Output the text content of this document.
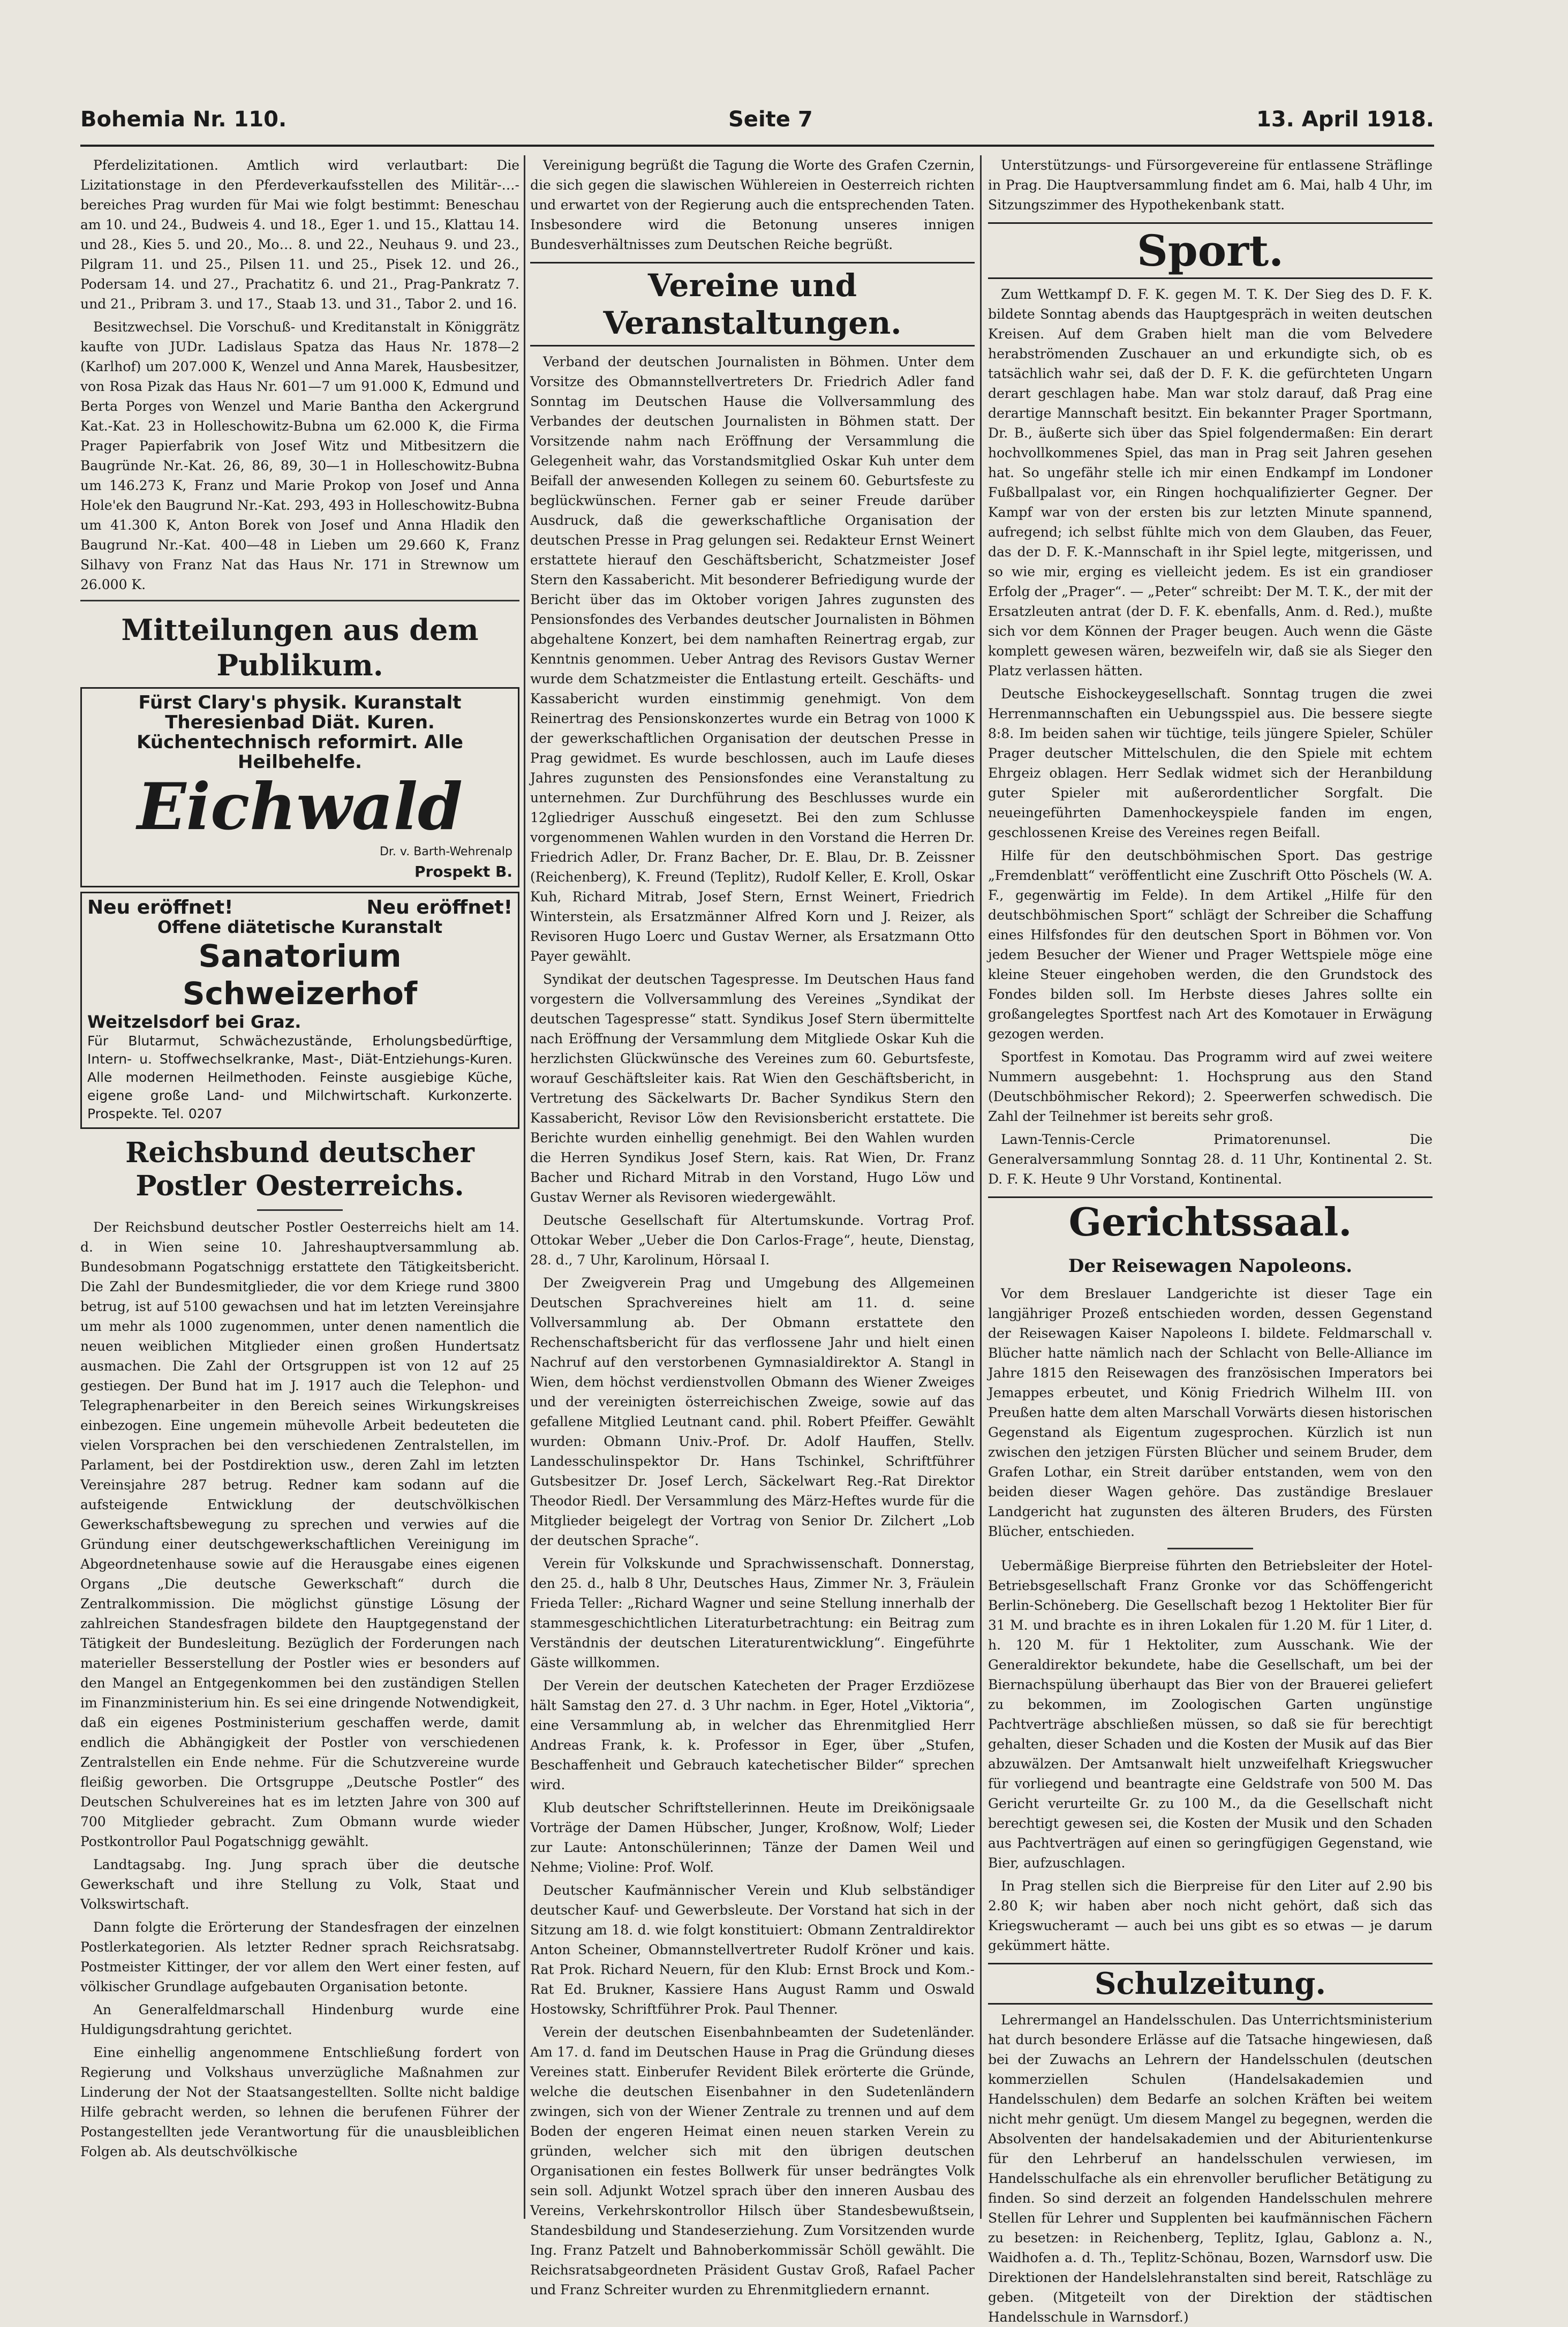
Bohemia Nr. 110.	Seite 7	13. April 1918.

Pferdelizitationen. Amtlich wird verlautbart: Die Lizitationstage in den Pferdeverkaufsstellen des Militär-…-bereiches Prag wurden für Mai wie folgt bestimmt: Beneschau am 10. und 24., Budweis 4. und 18., Eger 1. und 15., Klattau 14. und 28., Kies 5. und 20., Mo… 8. und 22., Neuhaus 9. und 23., Pilgram 11. und 25., Pilsen 11. und 25., Pisek 12. und 26., Podersam 14. und 27., Prachatitz 6. und 21., Prag-Pankratz 7. und 21., Pribram 3. und 17., Staab 13. und 31., Tabor 2. und 16.

Besitzwechsel. Die Vorschuß- und Kreditanstalt in Königgrätz kaufte von JUDr. Ladislaus Spatza das Haus Nr. 1878—2 (Karlhof) um 207.000 K, Wenzel und Anna Marek, Hausbesitzer, von Rosa Pizak das Haus Nr. 601—7 um 91.000 K, Edmund und Berta Porges von Wenzel und Marie Bantha den Ackergrund Kat.-Kat. 23 in Holleschowitz-Bubna um 62.000 K, die Firma Prager Papierfabrik von Josef Witz und Mitbesitzern die Baugründe Nr.-Kat. 26, 86, 89, 30—1 in Holleschowitz-Bubna um 146.273 K, Franz und Marie Prokop von Josef und Anna Hole'ek den Baugrund Nr.-Kat. 293, 493 in Holleschowitz-Bubna um 41.300 K, Anton Borek von Josef und Anna Hladik den Baugrund Nr.-Kat. 400—48 in Lieben um 29.660 K, Franz Silhavy von Franz Nat das Haus Nr. 171 in Strewnow um 26.000 K.

Mitteilungen aus dem Publikum.
Fürst Clary's physik. Kuranstalt Theresienbad Diät. Kuren. Küchentechnisch reformirt. Alle Heilbehelfe.
Eichwald
Dr. v. Barth-Wehrenalp
Prospekt B.
Neu eröffnet!	Neu eröffnet!
Offene diätetische Kuranstalt
Sanatorium Schweizerhof
Weitzelsdorf bei Graz.
Für Blutarmut, Schwächezustände, Erholungsbedürftige, Intern- u. Stoffwechselkranke, Mast-, Diät-Entziehungs-Kuren. Alle modernen Heilmethoden. Feinste ausgiebige Küche, eigene große Land- und Milchwirtschaft. Kurkonzerte. Prospekte. Tel. 0207
Reichsbund deutscher Postler Oesterreichs.

Der Reichsbund deutscher Postler Oesterreichs hielt am 14. d. in Wien seine 10. Jahreshauptversammlung ab. Bundesobmann Pogatschnigg erstattete den Tätigkeitsbericht. Die Zahl der Bundesmitglieder, die vor dem Kriege rund 3800 betrug, ist auf 5100 gewachsen und hat im letzten Vereinsjahre um mehr als 1000 zugenommen, unter denen namentlich die neuen weiblichen Mitglieder einen großen Hundertsatz ausmachen. Die Zahl der Ortsgruppen ist von 12 auf 25 gestiegen. Der Bund hat im J. 1917 auch die Telephon- und Telegraphenarbeiter in den Bereich seines Wirkungskreises einbezogen. Eine ungemein mühevolle Arbeit bedeuteten die vielen Vorsprachen bei den verschiedenen Zentralstellen, im Parlament, bei der Postdirektion usw., deren Zahl im letzten Vereinsjahre 287 betrug. Redner kam sodann auf die aufsteigende Entwicklung der deutschvölkischen Gewerkschaftsbewegung zu sprechen und verwies auf die Gründung einer deutschgewerkschaftlichen Vereinigung im Abgeordnetenhause sowie auf die Herausgabe eines eigenen Organs „Die deutsche Gewerkschaft“ durch die Zentralkommission. Die möglichst günstige Lösung der zahlreichen Standesfragen bildete den Hauptgegenstand der Tätigkeit der Bundesleitung. Bezüglich der Forderungen nach materieller Besserstellung der Postler wies er besonders auf den Mangel an Entgegenkommen bei den zuständigen Stellen im Finanzministerium hin. Es sei eine dringende Notwendigkeit, daß ein eigenes Postministerium geschaffen werde, damit endlich die Abhängigkeit der Postler von verschiedenen Zentralstellen ein Ende nehme. Für die Schutzvereine wurde fleißig geworben. Die Ortsgruppe „Deutsche Postler“ des Deutschen Schulvereines hat es im letzten Jahre von 300 auf 700 Mitglieder gebracht. Zum Obmann wurde wieder Postkontrollor Paul Pogatschnigg gewählt.

Landtagsabg. Ing. Jung sprach über die deutsche Gewerkschaft und ihre Stellung zu Volk, Staat und Volkswirtschaft.

Dann folgte die Erörterung der Standesfragen der einzelnen Postlerkategorien. Als letzter Redner sprach Reichsratsabg. Postmeister Kittinger, der vor allem den Wert einer festen, auf völkischer Grundlage aufgebauten Organisation betonte.

An Generalfeldmarschall Hindenburg wurde eine Huldigungsdrahtung gerichtet.

Eine einhellig angenommene Entschließung fordert von Regierung und Volkshaus unverzügliche Maßnahmen zur Linderung der Not der Staatsangestellten. Sollte nicht baldige Hilfe gebracht werden, so lehnen die berufenen Führer der Postangestellten jede Verantwortung für die unausbleiblichen Folgen ab. Als deutschvölkische

Vereinigung begrüßt die Tagung die Worte des Grafen Czernin, die sich gegen die slawischen Wühlereien in Oesterreich richten und erwartet von der Regierung auch die entsprechenden Taten. Insbesondere wird die Betonung unseres innigen Bundesverhältnisses zum Deutschen Reiche begrüßt.

Vereine und Veranstaltungen.

Verband der deutschen Journalisten in Böhmen. Unter dem Vorsitze des Obmannstellvertreters Dr. Friedrich Adler fand Sonntag im Deutschen Hause die Vollversammlung des Verbandes der deutschen Journalisten in Böhmen statt. Der Vorsitzende nahm nach Eröffnung der Versammlung die Gelegenheit wahr, das Vorstandsmitglied Oskar Kuh unter dem Beifall der anwesenden Kollegen zu seinem 60. Geburtsfeste zu beglückwünschen. Ferner gab er seiner Freude darüber Ausdruck, daß die gewerkschaftliche Organisation der deutschen Presse in Prag gelungen sei. Redakteur Ernst Weinert erstattete hierauf den Geschäftsbericht, Schatzmeister Josef Stern den Kassabericht. Mit besonderer Befriedigung wurde der Bericht über das im Oktober vorigen Jahres zugunsten des Pensionsfondes des Verbandes deutscher Journalisten in Böhmen abgehaltene Konzert, bei dem namhaften Reinertrag ergab, zur Kenntnis genommen. Ueber Antrag des Revisors Gustav Werner wurde dem Schatzmeister die Entlastung erteilt. Geschäfts- und Kassabericht wurden einstimmig genehmigt. Von dem Reinertrag des Pensionskonzertes wurde ein Betrag von 1000 K der gewerkschaftlichen Organisation der deutschen Presse in Prag gewidmet. Es wurde beschlossen, auch im Laufe dieses Jahres zugunsten des Pensionsfondes eine Veranstaltung zu unternehmen. Zur Durchführung des Beschlusses wurde ein 12gliedriger Ausschuß eingesetzt. Bei den zum Schlusse vorgenommenen Wahlen wurden in den Vorstand die Herren Dr. Friedrich Adler, Dr. Franz Bacher, Dr. E. Blau, Dr. B. Zeissner (Reichenberg), K. Freund (Teplitz), Rudolf Keller, E. Kroll, Oskar Kuh, Richard Mitrab, Josef Stern, Ernst Weinert, Friedrich Winterstein, als Ersatzmänner Alfred Korn und J. Reizer, als Revisoren Hugo Loerc und Gustav Werner, als Ersatzmann Otto Payer gewählt.

Syndikat der deutschen Tagespresse. Im Deutschen Haus fand vorgestern die Vollversammlung des Vereines „Syndikat der deutschen Tagespresse“ statt. Syndikus Josef Stern übermittelte nach Eröffnung der Versammlung dem Mitgliede Oskar Kuh die herzlichsten Glückwünsche des Vereines zum 60. Geburtsfeste, worauf Geschäftsleiter kais. Rat Wien den Geschäftsbericht, in Vertretung des Säckelwarts Dr. Bacher Syndikus Stern den Kassabericht, Revisor Löw den Revisionsbericht erstattete. Die Berichte wurden einhellig genehmigt. Bei den Wahlen wurden die Herren Syndikus Josef Stern, kais. Rat Wien, Dr. Franz Bacher und Richard Mitrab in den Vorstand, Hugo Löw und Gustav Werner als Revisoren wiedergewählt.

Deutsche Gesellschaft für Altertumskunde. Vortrag Prof. Ottokar Weber „Ueber die Don Carlos-Frage“, heute, Dienstag, 28. d., 7 Uhr, Karolinum, Hörsaal I.

Der Zweigverein Prag und Umgebung des Allgemeinen Deutschen Sprachvereines hielt am 11. d. seine Vollversammlung ab. Der Obmann erstattete den Rechenschaftsbericht für das verflossene Jahr und hielt einen Nachruf auf den verstorbenen Gymnasialdirektor A. Stangl in Wien, dem höchst verdienstvollen Obmann des Wiener Zweiges und der vereinigten österreichischen Zweige, sowie auf das gefallene Mitglied Leutnant cand. phil. Robert Pfeiffer. Gewählt wurden: Obmann Univ.-Prof. Dr. Adolf Hauffen, Stellv. Landesschulinspektor Dr. Hans Tschinkel, Schriftführer Gutsbesitzer Dr. Josef Lerch, Säckelwart Reg.-Rat Direktor Theodor Riedl. Der Versammlung des März-Heftes wurde für die Mitglieder beigelegt der Vortrag von Senior Dr. Zilchert „Lob der deutschen Sprache“.

Verein für Volkskunde und Sprachwissenschaft. Donnerstag, den 25. d., halb 8 Uhr, Deutsches Haus, Zimmer Nr. 3, Fräulein Frieda Teller: „Richard Wagner und seine Stellung innerhalb der stammesgeschichtlichen Literaturbetrachtung: ein Beitrag zum Verständnis der deutschen Literaturentwicklung“. Eingeführte Gäste willkommen.

Der Verein der deutschen Katecheten der Prager Erzdiözese hält Samstag den 27. d. 3 Uhr nachm. in Eger, Hotel „Viktoria“, eine Versammlung ab, in welcher das Ehrenmitglied Herr Andreas Frank, k. k. Professor in Eger, über „Stufen, Beschaffenheit und Gebrauch katechetischer Bilder“ sprechen wird.

Klub deutscher Schriftstellerinnen. Heute im Dreikönigsaale Vorträge der Damen Hübscher, Junger, Kroßnow, Wolf; Lieder zur Laute: Antonschülerinnen; Tänze der Damen Weil und Nehme; Violine: Prof. Wolf.

Deutscher Kaufmännischer Verein und Klub selbständiger deutscher Kauf- und Gewerbsleute. Der Vorstand hat sich in der Sitzung am 18. d. wie folgt konstituiert: Obmann Zentraldirektor Anton Scheiner, Obmannstellvertreter Rudolf Kröner und kais. Rat Prok. Richard Neuern, für den Klub: Ernst Brock und Kom.-Rat Ed. Brukner, Kassiere Hans August Ramm und Oswald Hostowsky, Schriftführer Prok. Paul Thenner.

Verein der deutschen Eisenbahnbeamten der Sudetenländer. Am 17. d. fand im Deutschen Hause in Prag die Gründung dieses Vereines statt. Einberufer Revident Bilek erörterte die Gründe, welche die deutschen Eisenbahner in den Sudetenländern zwingen, sich von der Wiener Zentrale zu trennen und auf dem Boden der engeren Heimat einen neuen starken Verein zu gründen, welcher sich mit den übrigen deutschen Organisationen ein festes Bollwerk für unser bedrängtes Volk sein soll. Adjunkt Wotzel sprach über den inneren Ausbau des Vereins, Verkehrskontrollor Hilsch über Standesbewußtsein, Standesbildung und Standeserziehung. Zum Vorsitzenden wurde Ing. Franz Patzelt und Bahnoberkommissär Schöll gewählt. Die Reichsratsabgeordneten Präsident Gustav Groß, Rafael Pacher und Franz Schreiter wurden zu Ehrenmitgliedern ernannt.

Unterstützungs- und Fürsorgevereine für entlassene Sträflinge in Prag. Die Hauptversammlung findet am 6. Mai, halb 4 Uhr, im Sitzungszimmer des Hypothekenbank statt.

Sport.

Zum Wettkampf D. F. K. gegen M. T. K. Der Sieg des D. F. K. bildete Sonntag abends das Hauptgespräch in weiten deutschen Kreisen. Auf dem Graben hielt man die vom Belvedere herabströmenden Zuschauer an und erkundigte sich, ob es tatsächlich wahr sei, daß der D. F. K. die gefürchteten Ungarn derart geschlagen habe. Man war stolz darauf, daß Prag eine derartige Mannschaft besitzt. Ein bekannter Prager Sportmann, Dr. B., äußerte sich über das Spiel folgendermaßen: Ein derart hochvollkommenes Spiel, das man in Prag seit Jahren gesehen hat. So ungefähr stelle ich mir einen Endkampf im Londoner Fußballpalast vor, ein Ringen hochqualifizierter Gegner. Der Kampf war von der ersten bis zur letzten Minute spannend, aufregend; ich selbst fühlte mich von dem Glauben, das Feuer, das der D. F. K.-Mannschaft in ihr Spiel legte, mitgerissen, und so wie mir, erging es vielleicht jedem. Es ist ein grandioser Erfolg der „Prager“. — „Peter“ schreibt: Der M. T. K., der mit der Ersatzleuten antrat (der D. F. K. ebenfalls, Anm. d. Red.), mußte sich vor dem Können der Prager beugen. Auch wenn die Gäste komplett gewesen wären, bezweifeln wir, daß sie als Sieger den Platz verlassen hätten.

Deutsche Eishockeygesellschaft. Sonntag trugen die zwei Herrenmannschaften ein Uebungsspiel aus. Die bessere siegte 8:8. Im beiden sahen wir tüchtige, teils jüngere Spieler, Schüler Prager deutscher Mittelschulen, die den Spiele mit echtem Ehrgeiz oblagen. Herr Sedlak widmet sich der Heranbildung guter Spieler mit außerordentlicher Sorgfalt. Die neueingeführten Damenhockeyspiele fanden im engen, geschlossenen Kreise des Vereines regen Beifall.

Hilfe für den deutschböhmischen Sport. Das gestrige „Fremdenblatt“ veröffentlicht eine Zuschrift Otto Pöschels (W. A. F., gegenwärtig im Felde). In dem Artikel „Hilfe für den deutschböhmischen Sport“ schlägt der Schreiber die Schaffung eines Hilfsfondes für den deutschen Sport in Böhmen vor. Von jedem Besucher der Wiener und Prager Wettspiele möge eine kleine Steuer eingehoben werden, die den Grundstock des Fondes bilden soll. Im Herbste dieses Jahres sollte ein großangelegtes Sportfest nach Art des Komotauer in Erwägung gezogen werden.

Sportfest in Komotau. Das Programm wird auf zwei weitere Nummern ausgebehnt: 1. Hochsprung aus den Stand (Deutschböhmischer Rekord); 2. Speerwerfen schwedisch. Die Zahl der Teilnehmer ist bereits sehr groß.

Lawn-Tennis-Cercle Primatorenunsel. Die Generalversammlung Sonntag 28. d. 11 Uhr, Kontinental 2. St. D. F. K. Heute 9 Uhr Vorstand, Kontinental.

Gerichtssaal.
Der Reisewagen Napoleons.

Vor dem Breslauer Landgerichte ist dieser Tage ein langjähriger Prozeß entschieden worden, dessen Gegenstand der Reisewagen Kaiser Napoleons I. bildete. Feldmarschall v. Blücher hatte nämlich nach der Schlacht von Belle-Alliance im Jahre 1815 den Reisewagen des französischen Imperators bei Jemappes erbeutet, und König Friedrich Wilhelm III. von Preußen hatte dem alten Marschall Vorwärts diesen historischen Gegenstand als Eigentum zugesprochen. Kürzlich ist nun zwischen den jetzigen Fürsten Blücher und seinem Bruder, dem Grafen Lothar, ein Streit darüber entstanden, wem von den beiden dieser Wagen gehöre. Das zuständige Breslauer Landgericht hat zugunsten des älteren Bruders, des Fürsten Blücher, entschieden.

Uebermäßige Bierpreise führten den Betriebsleiter der Hotel-Betriebsgesellschaft Franz Gronke vor das Schöffengericht Berlin-Schöneberg. Die Gesellschaft bezog 1 Hektoliter Bier für 31 M. und brachte es in ihren Lokalen für 1.20 M. für 1 Liter, d. h. 120 M. für 1 Hektoliter, zum Ausschank. Wie der Generaldirektor bekundete, habe die Gesellschaft, um bei der Biernachspülung überhaupt das Bier von der Brauerei geliefert zu bekommen, im Zoologischen Garten ungünstige Pachtverträge abschließen müssen, so daß sie für berechtigt gehalten, dieser Schaden und die Kosten der Musik auf das Bier abzuwälzen. Der Amtsanwalt hielt unzweifelhaft Kriegswucher für vorliegend und beantragte eine Geldstrafe von 500 M. Das Gericht verurteilte Gr. zu 100 M., da die Gesellschaft nicht berechtigt gewesen sei, die Kosten der Musik und den Schaden aus Pachtverträgen auf einen so geringfügigen Gegenstand, wie Bier, aufzuschlagen.

In Prag stellen sich die Bierpreise für den Liter auf 2.90 bis 2.80 K; wir haben aber noch nicht gehört, daß sich das Kriegswucheramt — auch bei uns gibt es so etwas — je darum gekümmert hätte.

Schulzeitung.

Lehrermangel an Handelsschulen. Das Unterrichtsministerium hat durch besondere Erlässe auf die Tatsache hingewiesen, daß bei der Zuwachs an Lehrern der Handelsschulen (deutschen kommerziellen Schulen (Handelsakademien und Handelsschulen) dem Bedarfe an solchen Kräften bei weitem nicht mehr genügt. Um diesem Mangel zu begegnen, werden die Absolventen der handelsakademien und der Abiturientenkurse für den Lehrberuf an handelsschulen verwiesen, im Handelsschulfache als ein ehrenvoller beruflicher Betätigung zu finden. So sind derzeit an folgenden Handelsschulen mehrere Stellen für Lehrer und Supplenten bei kaufmännischen Fächern zu besetzen: in Reichenberg, Teplitz, Iglau, Gablonz a. N., Waidhofen a. d. Th., Teplitz-Schönau, Bozen, Warnsdorf usw. Die Direktionen der Handelslehranstalten sind bereit, Ratschläge zu geben. (Mitgeteilt von der Direktion der städtischen Handelsschule in Warnsdorf.)
